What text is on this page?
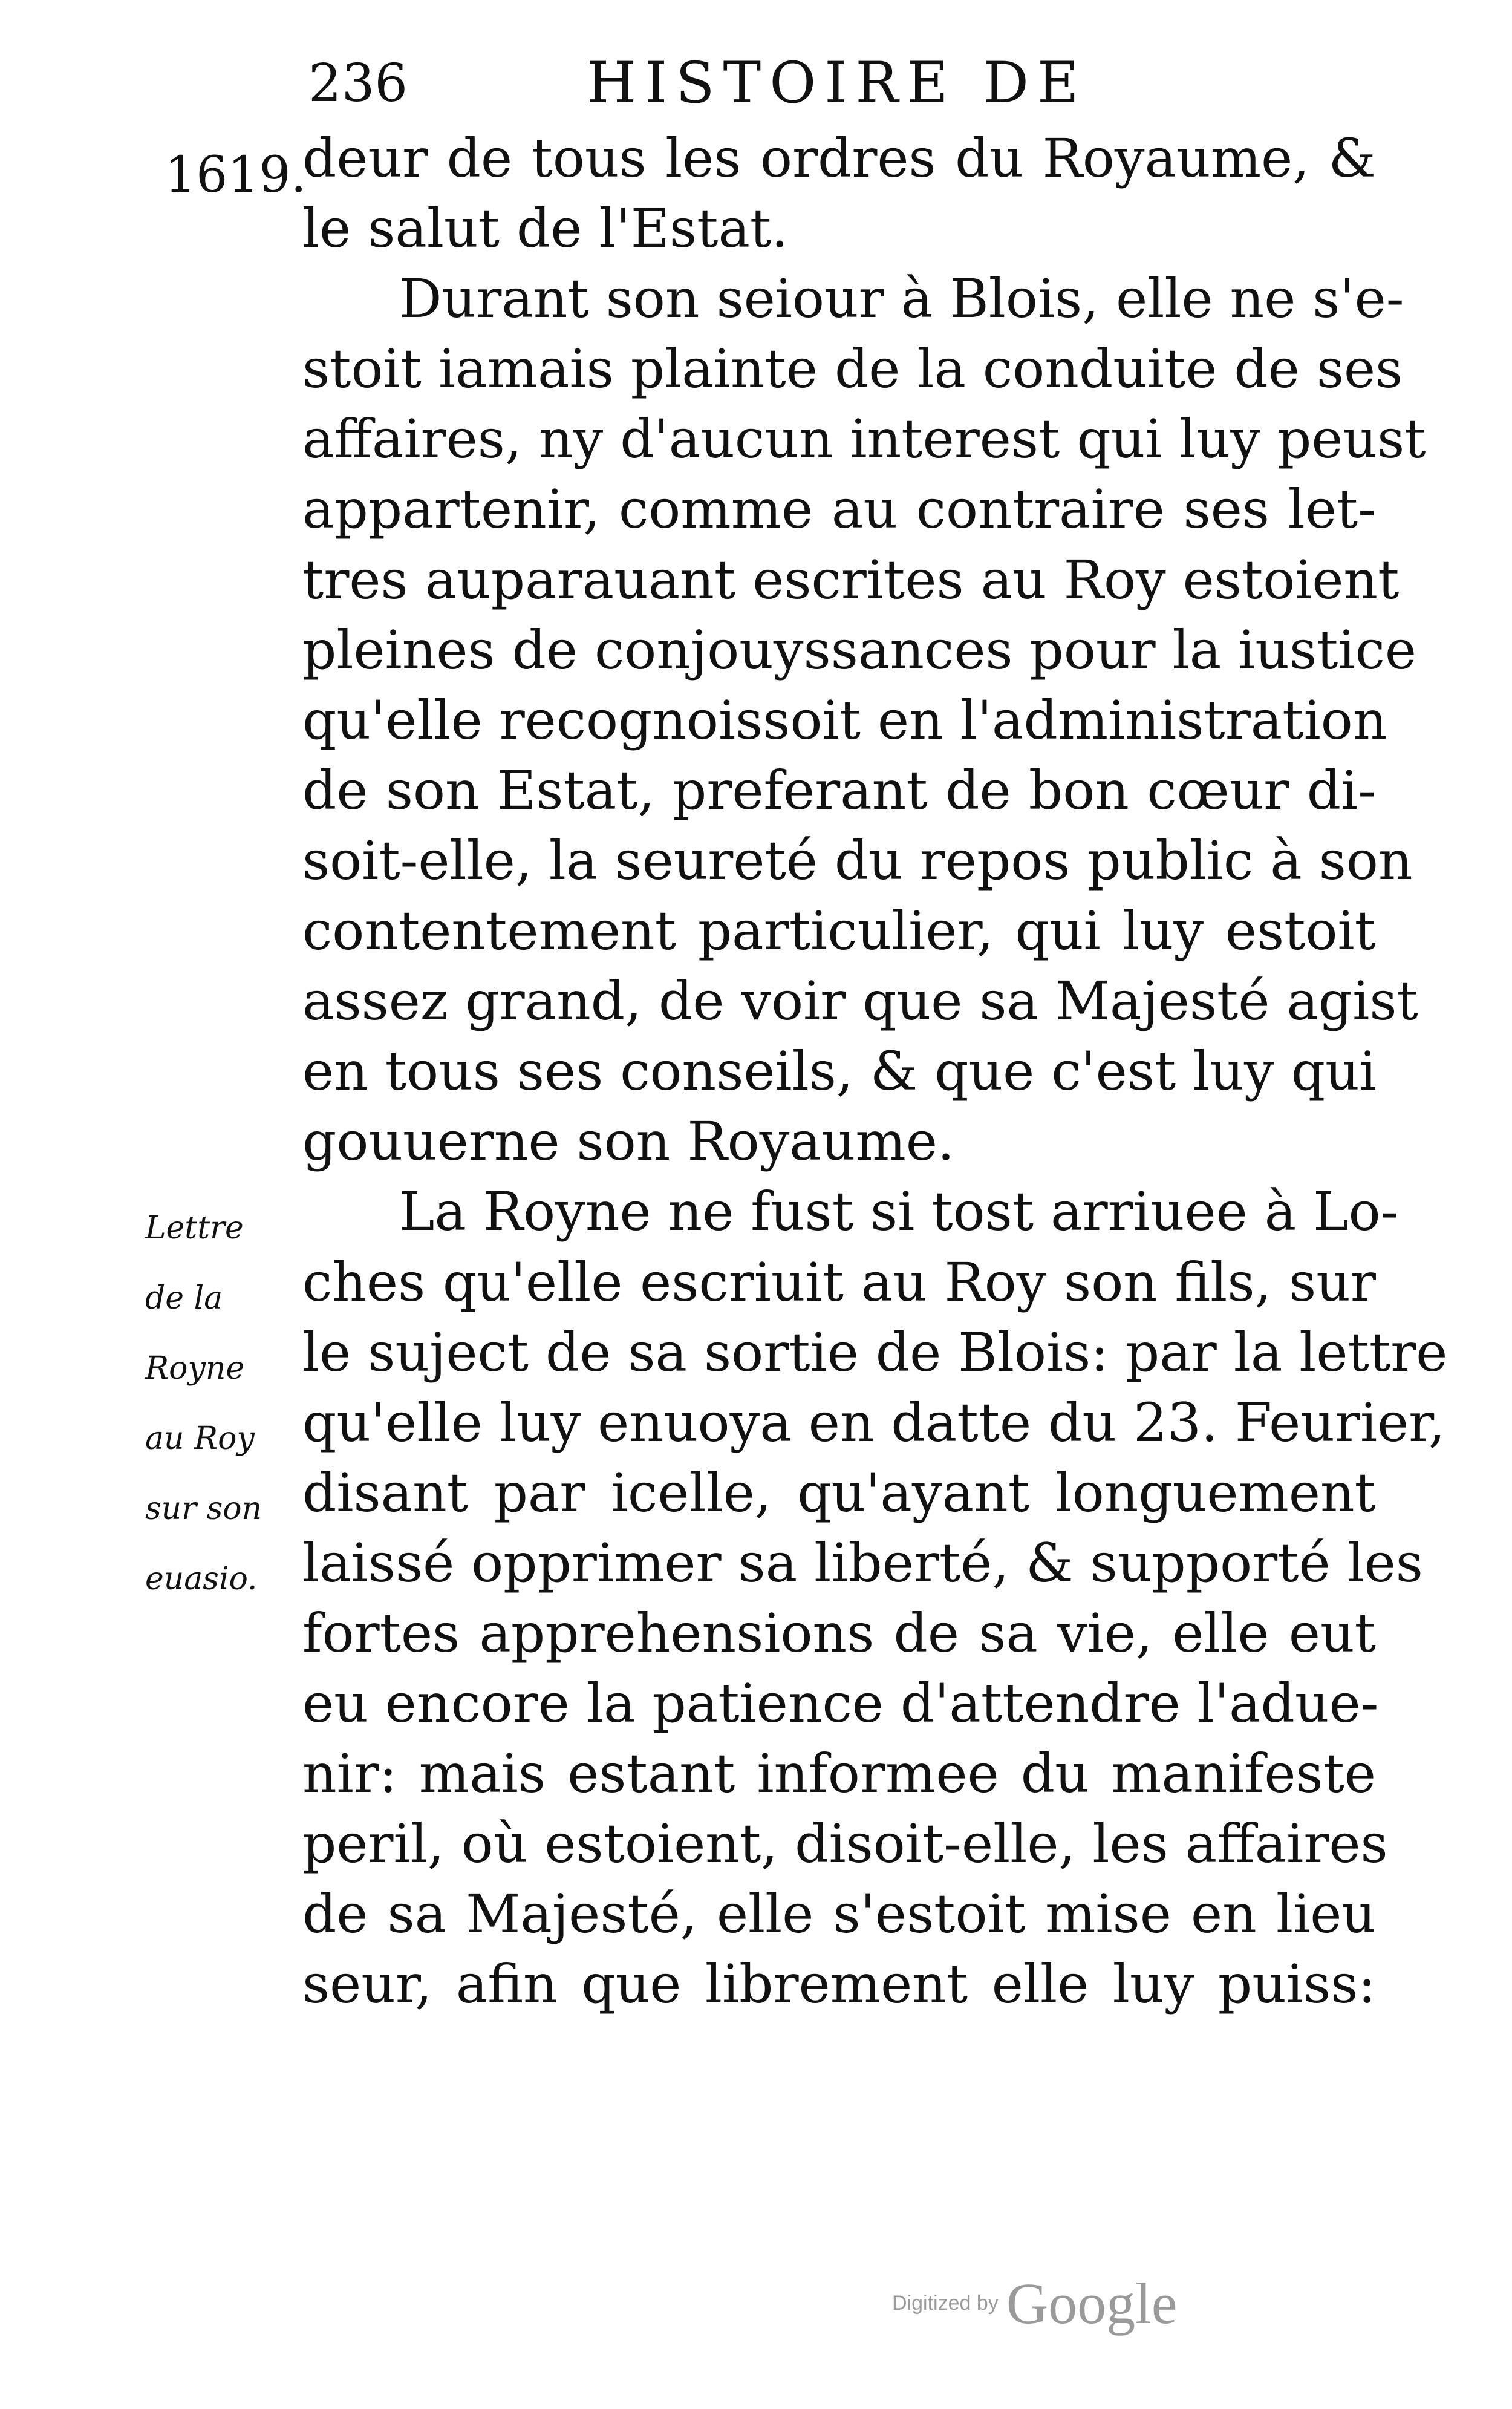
236	HISTOIRE DE
1619.
deur de tous les ordres du Royaume, &
le salut de l'Estat.
Durant son seiour à Blois, elle ne s'e-
stoit iamais plainte de la conduite de ses
affaires, ny d'aucun interest qui luy peust
appartenir, comme au contraire ses let-
tres auparauant escrites au Roy estoient
pleines de conjouyssances pour la iustice
qu'elle recognoissoit en l'administration
de son Estat, preferant de bon cœur di-
soit-elle, la seureté du repos public à son
contentement particulier, qui luy estoit
assez grand, de voir que sa Majesté agist
en tous ses conseils, & que c'est luy qui
gouuerne son Royaume.
La Royne ne fust si tost arriuee à Lo-
ches qu'elle escriuit au Roy son fils, sur
le suject de sa sortie de Blois: par la lettre
qu'elle luy enuoya en datte du 23. Feurier,
disant par icelle, qu'ayant longuement
laissé opprimer sa liberté, & supporté les
fortes apprehensions de sa vie, elle eut
eu encore la patience d'attendre l'adue-
nir: mais estant informee du manifeste
peril, où estoient, disoit-elle, les affaires
de sa Majesté, elle s'estoit mise en lieu
seur, afin que librement elle luy puiss:
Lettre
de la
Royne
au Roy
sur son
euasio.
Digitized by Google
